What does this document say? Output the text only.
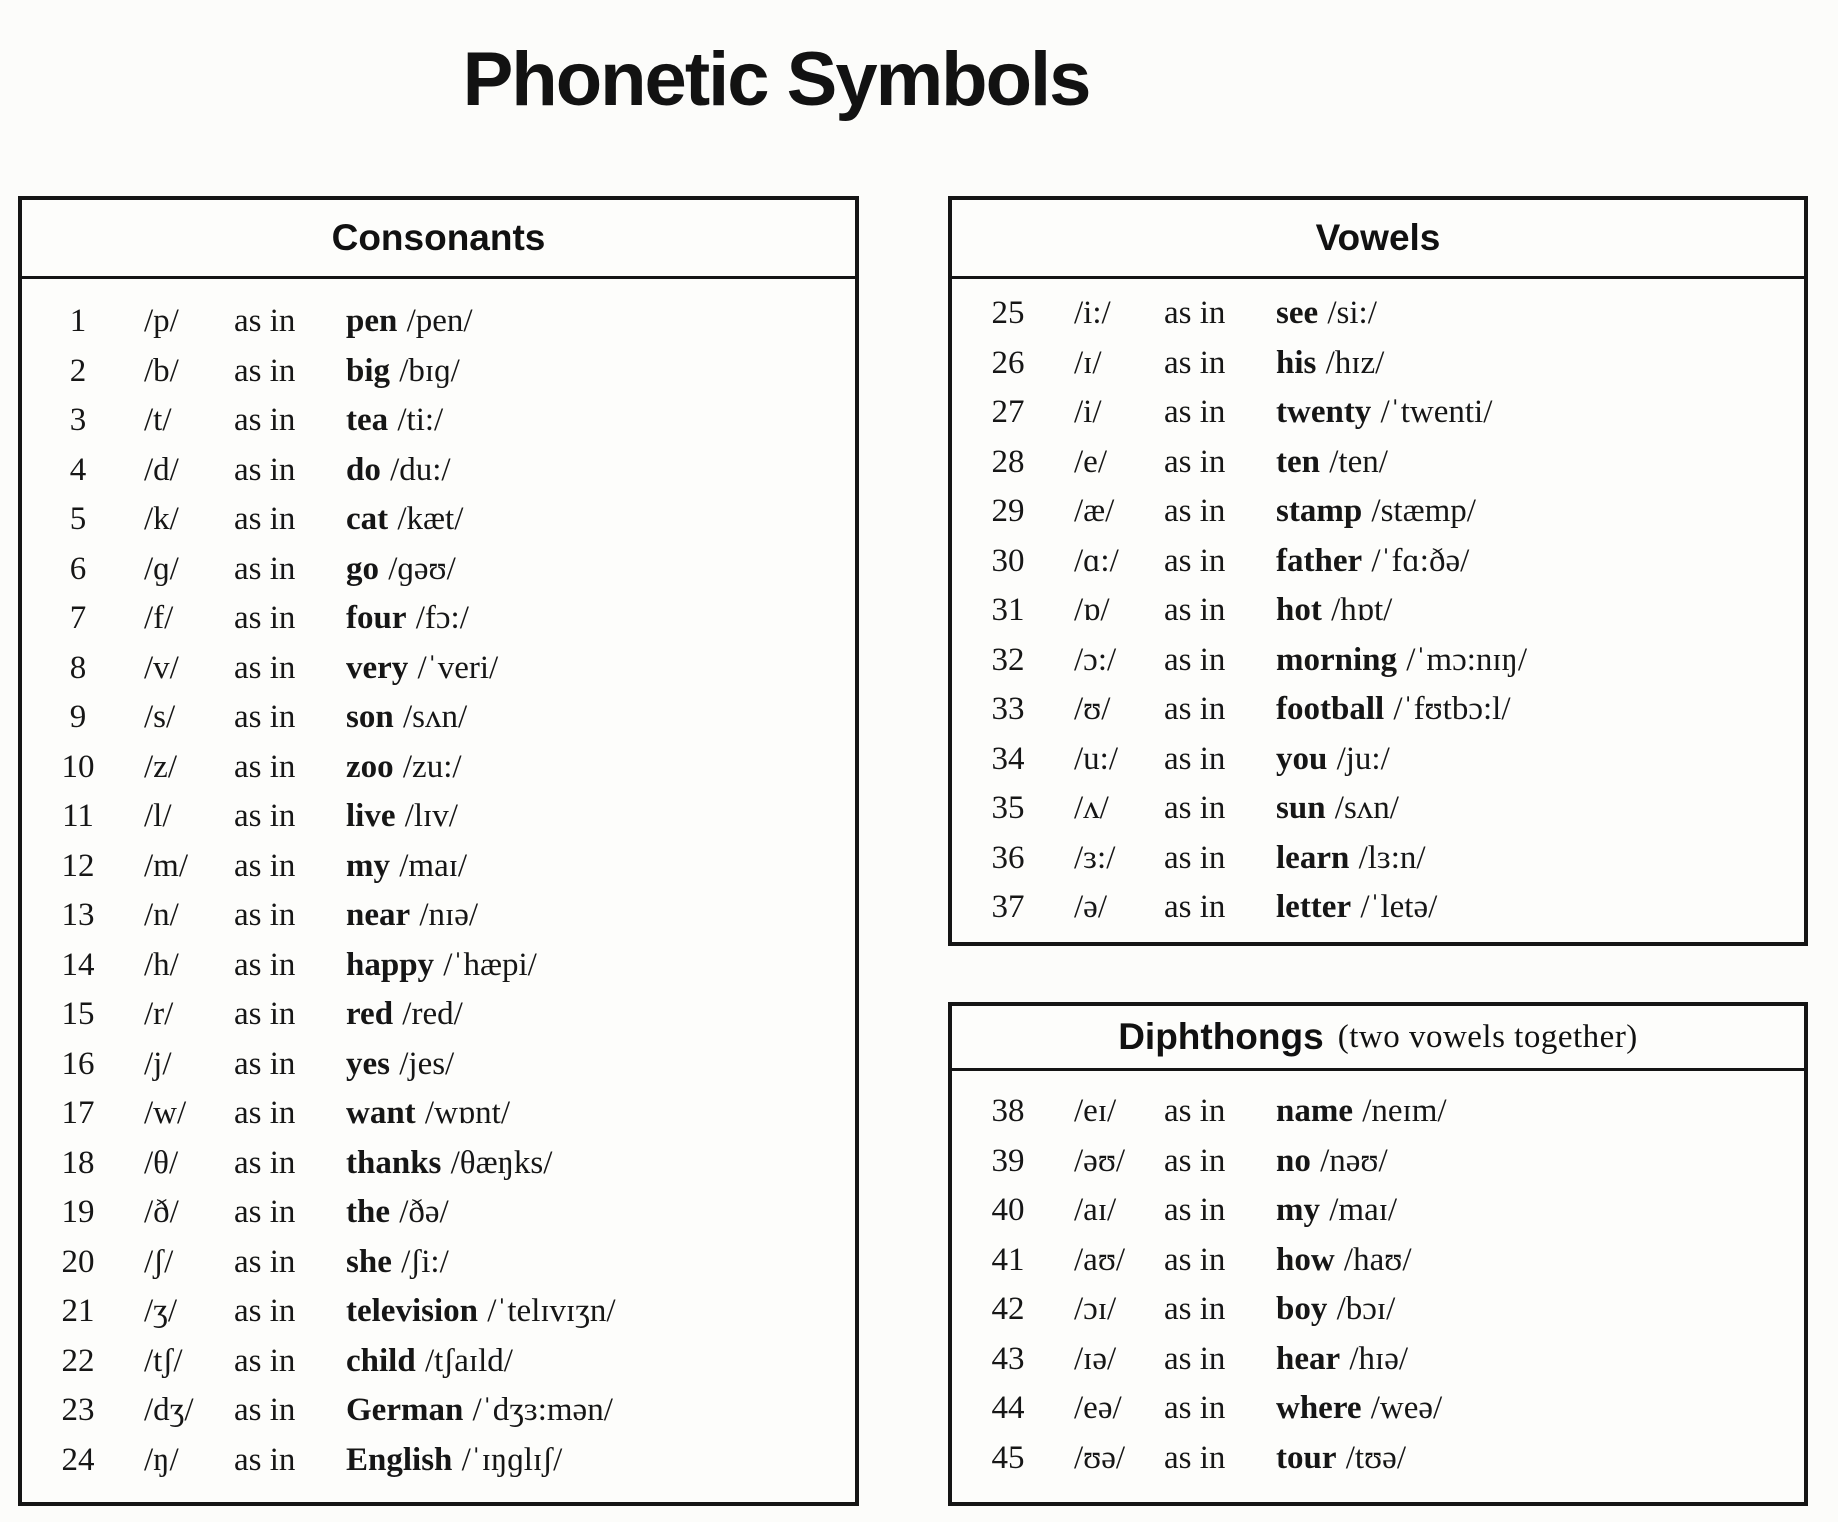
Phonetic Symbols
Consonants
1	/p/	as in	pen /pen/
2	/b/	as in	big /bɪɡ/
3	/t/	as in	tea /ti:/
4	/d/	as in	do /du:/
5	/k/	as in	cat /kæt/
6	/ɡ/	as in	go /ɡəʊ/
7	/f/	as in	four /fɔ:/
8	/v/	as in	very /ˈveri/
9	/s/	as in	son /sʌn/
10	/z/	as in	zoo /zu:/
11	/l/	as in	live /lɪv/
12	/m/	as in	my /maɪ/
13	/n/	as in	near /nɪə/
14	/h/	as in	happy /ˈhæpi/
15	/r/	as in	red /red/
16	/j/	as in	yes /jes/
17	/w/	as in	want /wɒnt/
18	/θ/	as in	thanks /θæŋks/
19	/ð/	as in	the /ðə/
20	/ʃ/	as in	she /ʃi:/
21	/ʒ/	as in	television /ˈtelɪvɪʒn/
22	/tʃ/	as in	child /tʃaɪld/
23	/dʒ/	as in	German /ˈdʒɜ:mən/
24	/ŋ/	as in	English /ˈɪŋɡlɪʃ/
Vowels
25	/i:/	as in	see /si:/
26	/ɪ/	as in	his /hɪz/
27	/i/	as in	twenty /ˈtwenti/
28	/e/	as in	ten /ten/
29	/æ/	as in	stamp /stæmp/
30	/ɑ:/	as in	father /ˈfɑ:ðə/
31	/ɒ/	as in	hot /hɒt/
32	/ɔ:/	as in	morning /ˈmɔ:nɪŋ/
33	/ʊ/	as in	football /ˈfʊtbɔ:l/
34	/u:/	as in	you /ju:/
35	/ʌ/	as in	sun /sʌn/
36	/ɜ:/	as in	learn /lɜ:n/
37	/ə/	as in	letter /ˈletə/
Diphthongs (two vowels together)
38	/eɪ/	as in	name /neɪm/
39	/əʊ/	as in	no /nəʊ/
40	/aɪ/	as in	my /maɪ/
41	/aʊ/	as in	how /haʊ/
42	/ɔɪ/	as in	boy /bɔɪ/
43	/ɪə/	as in	hear /hɪə/
44	/eə/	as in	where /weə/
45	/ʊə/	as in	tour /tʊə/
